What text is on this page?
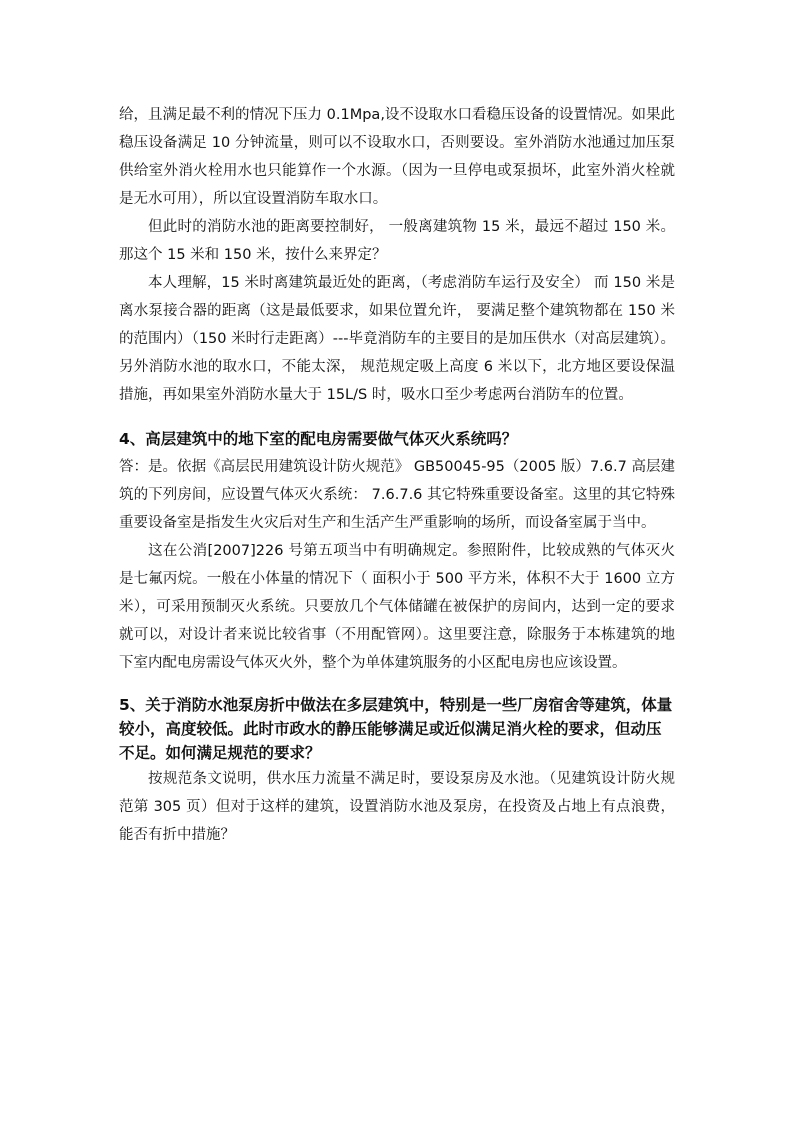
给，且满足最不利的情况下压力 0.1Mpa,设不设取水口看稳压设备的设置情况。如果此稳压设备满足 10 分钟流量，则可以不设取水口，否则要设。室外消防水池通过加压泵供给室外消火栓用水也只能算作一个水源。（因为一旦停电或泵损坏，此室外消火栓就是无水可用），所以宜设置消防车取水口。

但此时的消防水池的距离要控制好， 一般离建筑物 15 米，最远不超过 150 米。那这个 15 米和 150 米，按什么来界定？

本人理解，15 米时离建筑最近处的距离，（考虑消防车运行及安全） 而 150 米是离水泵接合器的距离（这是最低要求，如果位置允许， 要满足整个建筑物都在 150 米的范围内）（150 米时行走距离）---毕竟消防车的主要目的是加压供水（对高层建筑）。另外消防水池的取水口，不能太深， 规范规定吸上高度 6 米以下，北方地区要设保温措施，再如果室外消防水量大于 15L/S 时，吸水口至少考虑两台消防车的位置。

4、高层建筑中的地下室的配电房需要做气体灭火系统吗？

答：是。依据《高层民用建筑设计防火规范》 GB50045-95（2005 版）7.6.7 高层建筑的下列房间，应设置气体灭火系统： 7.6.7.6 其它特殊重要设备室。这里的其它特殊重要设备室是指发生火灾后对生产和生活产生严重影响的场所，而设备室属于当中。

这在公消[2007]226 号第五项当中有明确规定。参照附件，比较成熟的气体灭火是七氟丙烷。一般在小体量的情况下（ 面积小于 500 平方米，体积不大于 1600 立方米），可采用预制灭火系统。只要放几个气体储罐在被保护的房间内，达到一定的要求就可以，对设计者来说比较省事（不用配管网）。这里要注意，除服务于本栋建筑的地下室内配电房需设气体灭火外，整个为单体建筑服务的小区配电房也应该设置。

5、关于消防水池泵房折中做法在多层建筑中，特别是一些厂房宿舍等建筑，体量较小，高度较低。此时市政水的静压能够满足或近似满足消火栓的要求，但动压不足。如何满足规范的要求？

按规范条文说明，供水压力流量不满足时，要设泵房及水池。（见建筑设计防火规范第 305 页）但对于这样的建筑，设置消防水池及泵房，在投资及占地上有点浪费，能否有折中措施？
